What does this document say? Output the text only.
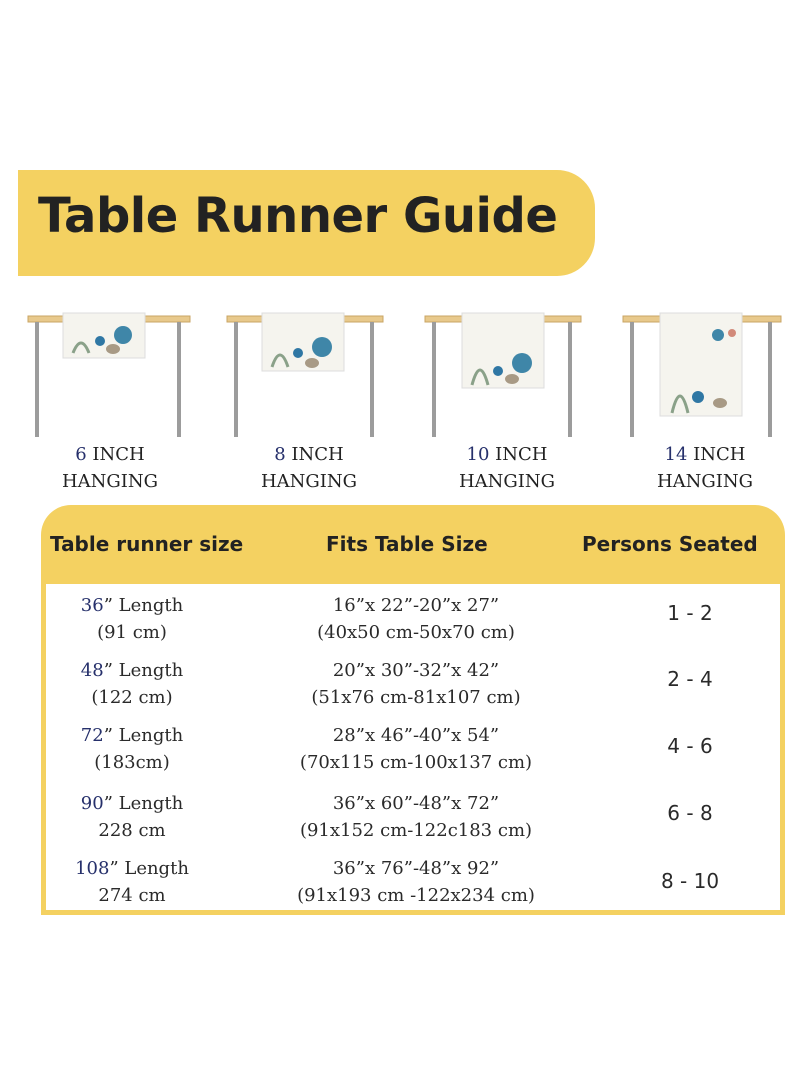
Table Runner Guide
6 INCH
HANGING
8 INCH
HANGING
10 INCH
HANGING
14 INCH
HANGING
Table runner size	Fits Table Size	Persons Seated
36” Length
(91 cm)
16”x 22”-20”x 27”
(40x50 cm-50x70 cm)
1 - 2
48” Length
(122 cm)
20”x 30”-32”x 42”
(51x76 cm-81x107 cm)
2 - 4
72” Length
(183cm)
28”x 46”-40”x 54”
(70x115 cm-100x137 cm)
4 - 6
90” Length
228 cm
36”x 60”-48”x 72”
(91x152 cm-122c183 cm)
6 - 8
108” Length
274 cm
36”x 76”-48”x 92”
(91x193 cm -122x234 cm)
8 - 10
